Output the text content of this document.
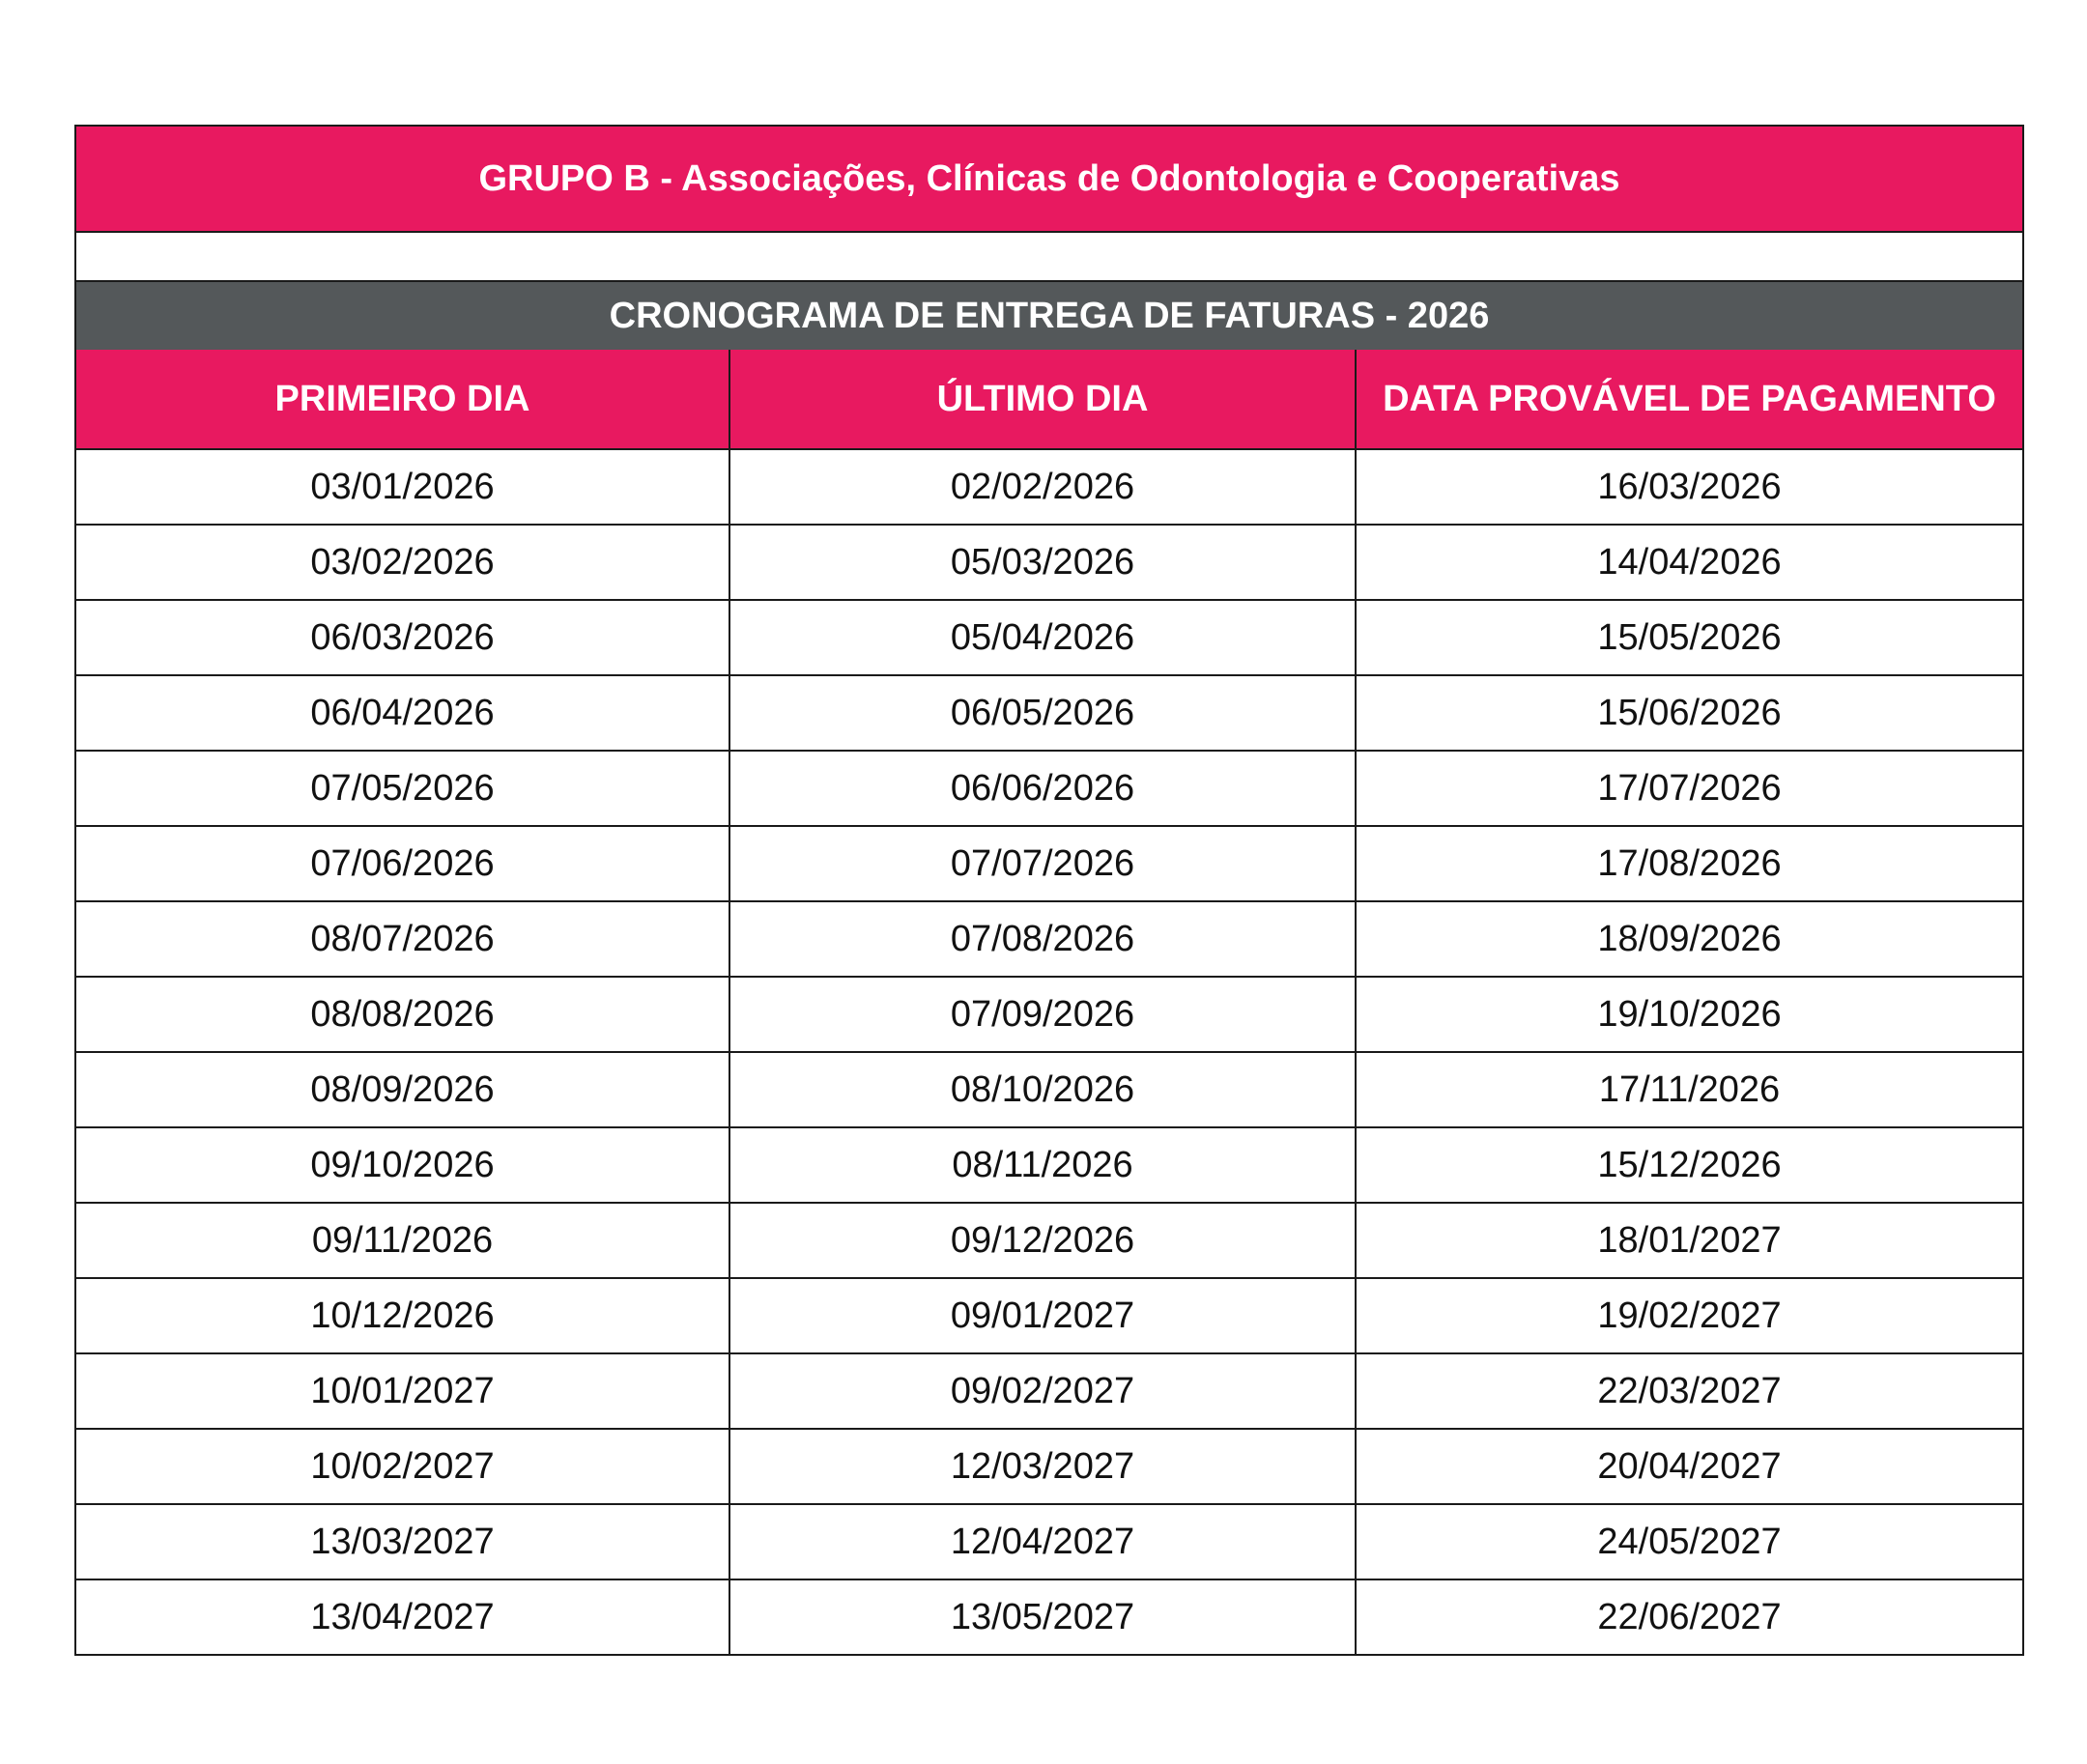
GRUPO B - Associações, Clínicas de Odontologia e Cooperativas
CRONOGRAMA DE ENTREGA DE FATURAS - 2026
PRIMEIRO DIA	ÚLTIMO DIA	DATA PROVÁVEL DE PAGAMENTO
03/01/2026	02/02/2026	16/03/2026
03/02/2026	05/03/2026	14/04/2026
06/03/2026	05/04/2026	15/05/2026
06/04/2026	06/05/2026	15/06/2026
07/05/2026	06/06/2026	17/07/2026
07/06/2026	07/07/2026	17/08/2026
08/07/2026	07/08/2026	18/09/2026
08/08/2026	07/09/2026	19/10/2026
08/09/2026	08/10/2026	17/11/2026
09/10/2026	08/11/2026	15/12/2026
09/11/2026	09/12/2026	18/01/2027
10/12/2026	09/01/2027	19/02/2027
10/01/2027	09/02/2027	22/03/2027
10/02/2027	12/03/2027	20/04/2027
13/03/2027	12/04/2027	24/05/2027
13/04/2027	13/05/2027	22/06/2027
